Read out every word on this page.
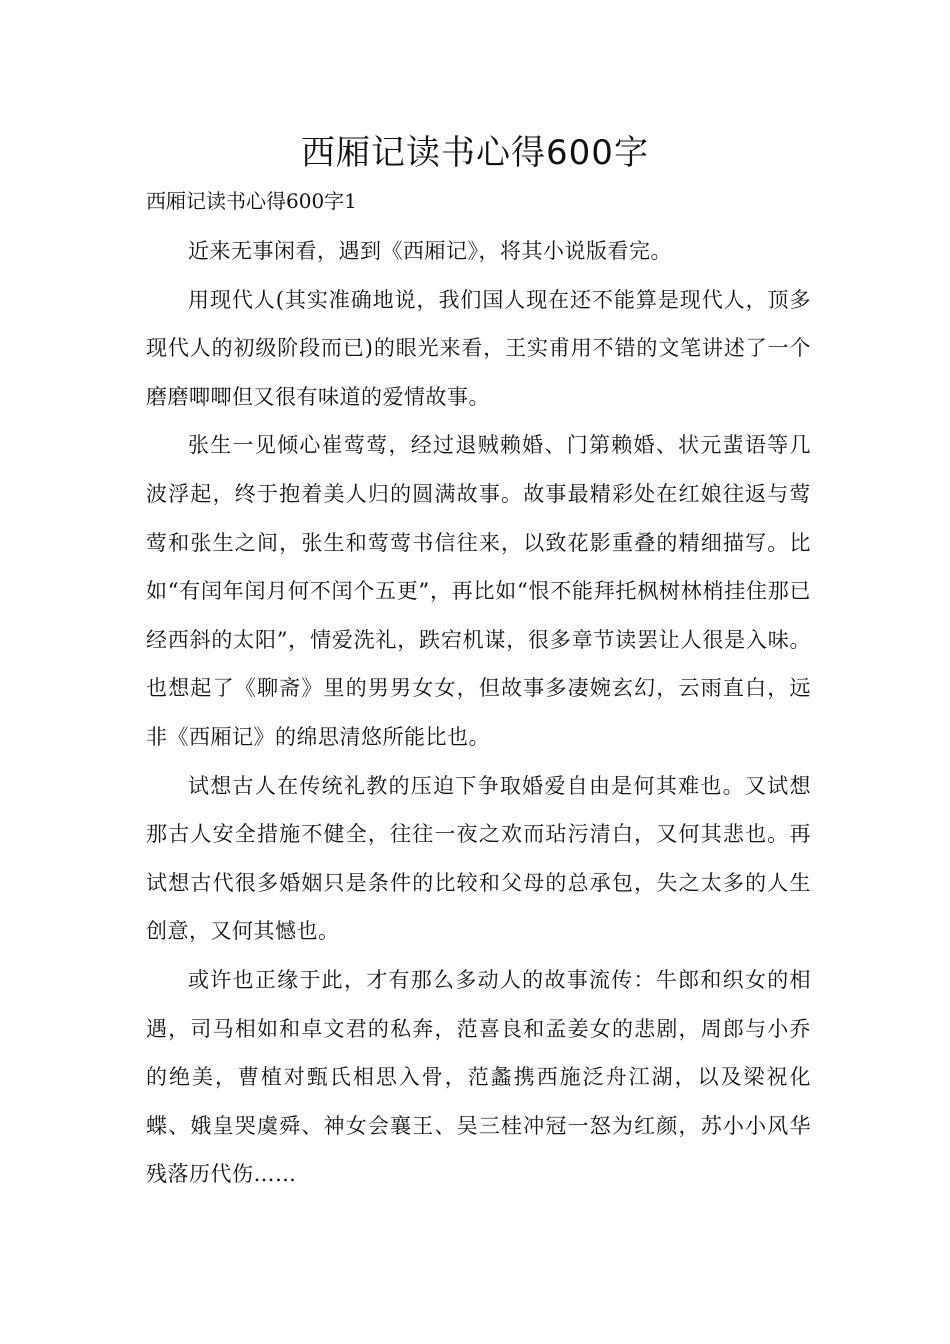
西厢记读书心得600字

西厢记读书心得600字1

近来无事闲看，遇到《西厢记》，将其小说版看完。

用现代人(其实准确地说，我们国人现在还不能算是现代人，顶多现代人的初级阶段而已)的眼光来看，王实甫用不错的文笔讲述了一个磨磨唧唧但又很有味道的爱情故事。

张生一见倾心崔莺莺，经过退贼赖婚、门第赖婚、状元蜚语等几波浮起，终于抱着美人归的圆满故事。故事最精彩处在红娘往返与莺莺和张生之间，张生和莺莺书信往来，以致花影重叠的精细描写。比如“有闰年闰月何不闰个五更”，再比如“恨不能拜托枫树林梢挂住那已经西斜的太阳”，情爱洗礼，跌宕机谋，很多章节读罢让人很是入味。也想起了《聊斋》里的男男女女，但故事多凄婉玄幻，云雨直白，远非《西厢记》的绵思清悠所能比也。

试想古人在传统礼教的压迫下争取婚爱自由是何其难也。又试想那古人安全措施不健全，往往一夜之欢而玷污清白，又何其悲也。再试想古代很多婚姻只是条件的比较和父母的总承包，失之太多的人生创意，又何其憾也。

或许也正缘于此，才有那么多动人的故事流传：牛郎和织女的相遇，司马相如和卓文君的私奔，范喜良和孟姜女的悲剧，周郎与小乔的绝美，曹植对甄氏相思入骨，范蠡携西施泛舟江湖，以及梁祝化蝶、娥皇哭虞舜、神女会襄王、吴三桂冲冠一怒为红颜，苏小小风华残落历代伤……
